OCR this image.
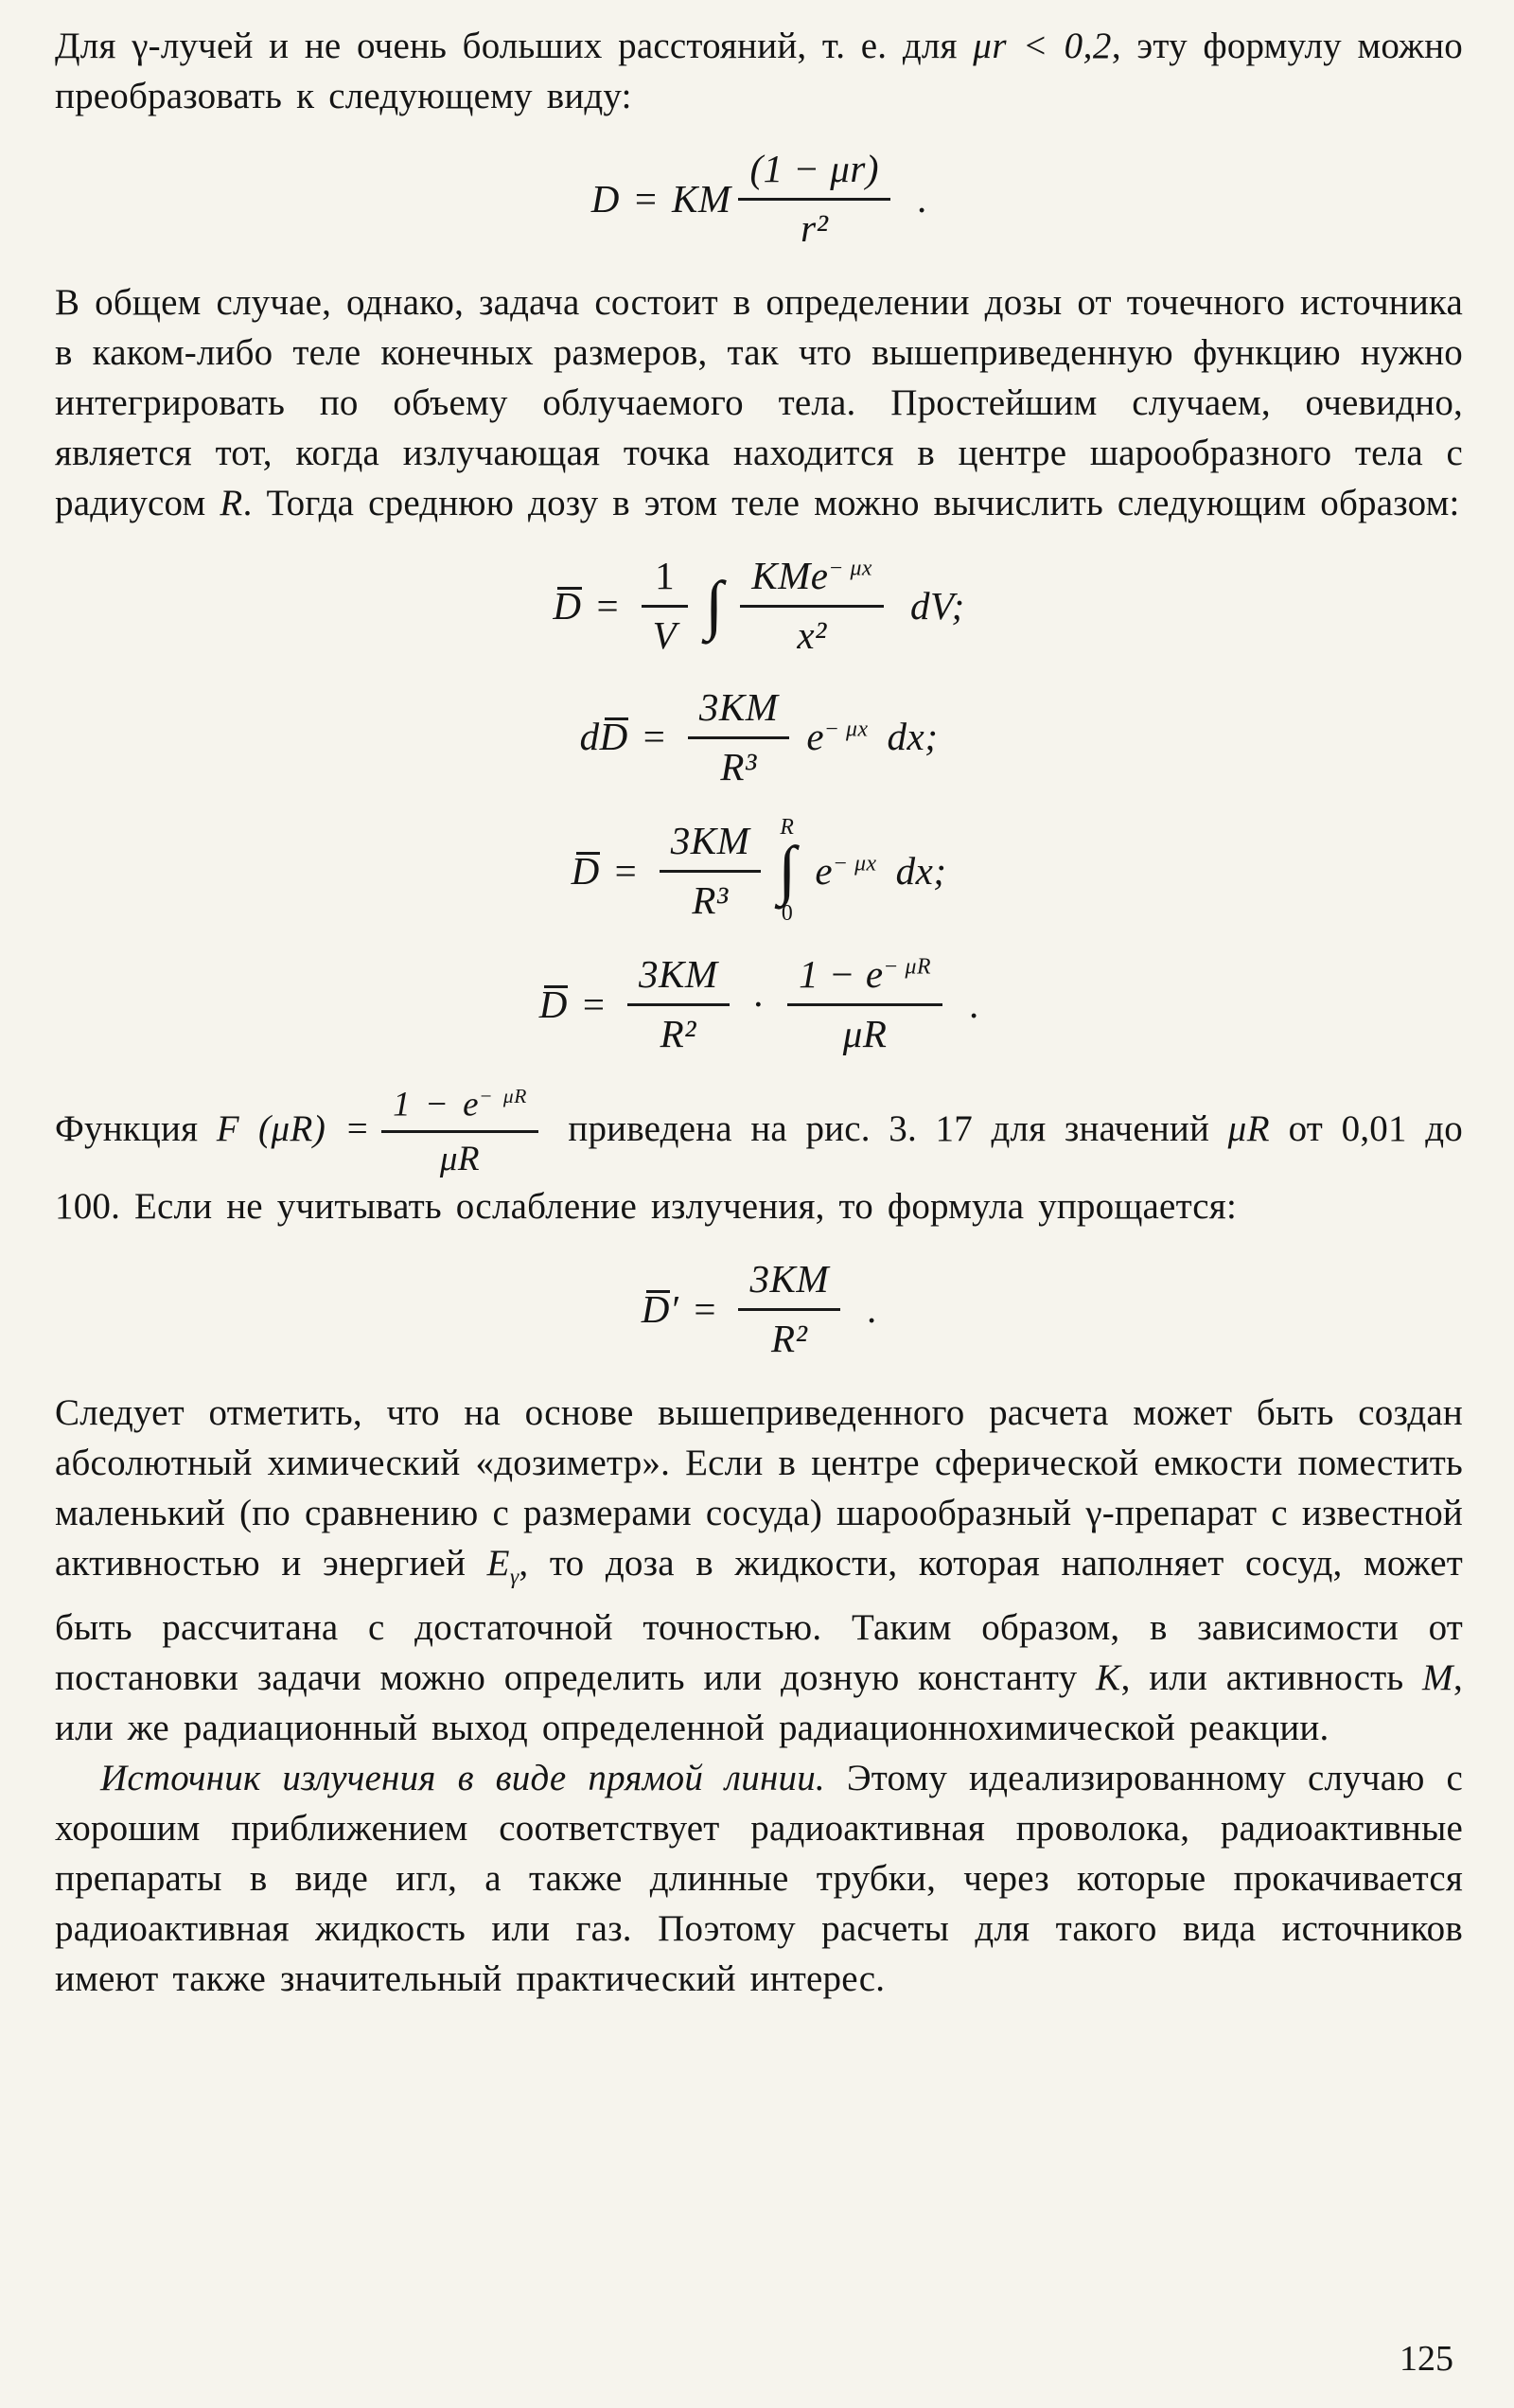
Для γ-лучей и не очень больших расстояний, т. е. для μr < 0,2, эту формулу можно преобразовать к следующему виду:

D = KM $\frac{(1 - \mu r)}{\text{r²}}$ .

В общем случае, однако, задача состоит в определении дозы от точечного источника в каком-либо теле конечных размеров, так что вышеприведенную функцию нужно интегрировать по объему облучаемого тела. Простейшим случаем, очевидно, является тот, когда излучающая точка находится в центре шарообразного тела с радиусом R. Тогда среднюю дозу в этом теле можно вычислить следующим образом:

$D = \frac{1}{V}$ ∫ $\frac{KMe^{- \mu x}}{\text{x²}}$ dV;
d $D = \frac{3KM}{\text{R³}} e^{- \mu x}$ dx;
$D = \frac{3KM}{\text{R³}}$ R
∫
0
$e^{- \mu x}$ dx;
$D = \frac{3KM}{\text{R²}} \cdot \frac{1 - e^{- \mu R}}{\mu R}$ .

Функция F $(\mu R) = \frac{1 - e^{- \mu R}}{\mu R}$ приведена на рис. 3. 17 для значений μR от 0,01 до 100. Если не учитывать ослабление излучения, то формула упрощается:

D ′ = $\frac{3KM}{\text{R²}}$ .

Следует отметить, что на основе вышеприведенного расчета может быть создан абсолютный химический «дозиметр». Если в центре сферической емкости поместить маленький (по сравнению с размерами сосуда) шарообразный γ-препарат с известной активностью и энергией $E_\gamma$, то доза в жидкости, которая наполняет сосуд, может быть рассчитана с достаточной точностью. Таким образом, в зависимости от постановки задачи можно определить или дозную константу K, или активность M, или же радиационный выход определенной радиационнохимической реакции.

Источник излучения в виде прямой линии. Этому идеализированному случаю с хорошим приближением соответствует радиоактивная проволока, радиоактивные препараты в виде игл, а также длинные трубки, через которые прокачивается радиоактивная жидкость или газ. Поэтому расчеты для такого вида источников имеют также значительный практический интерес.

125
